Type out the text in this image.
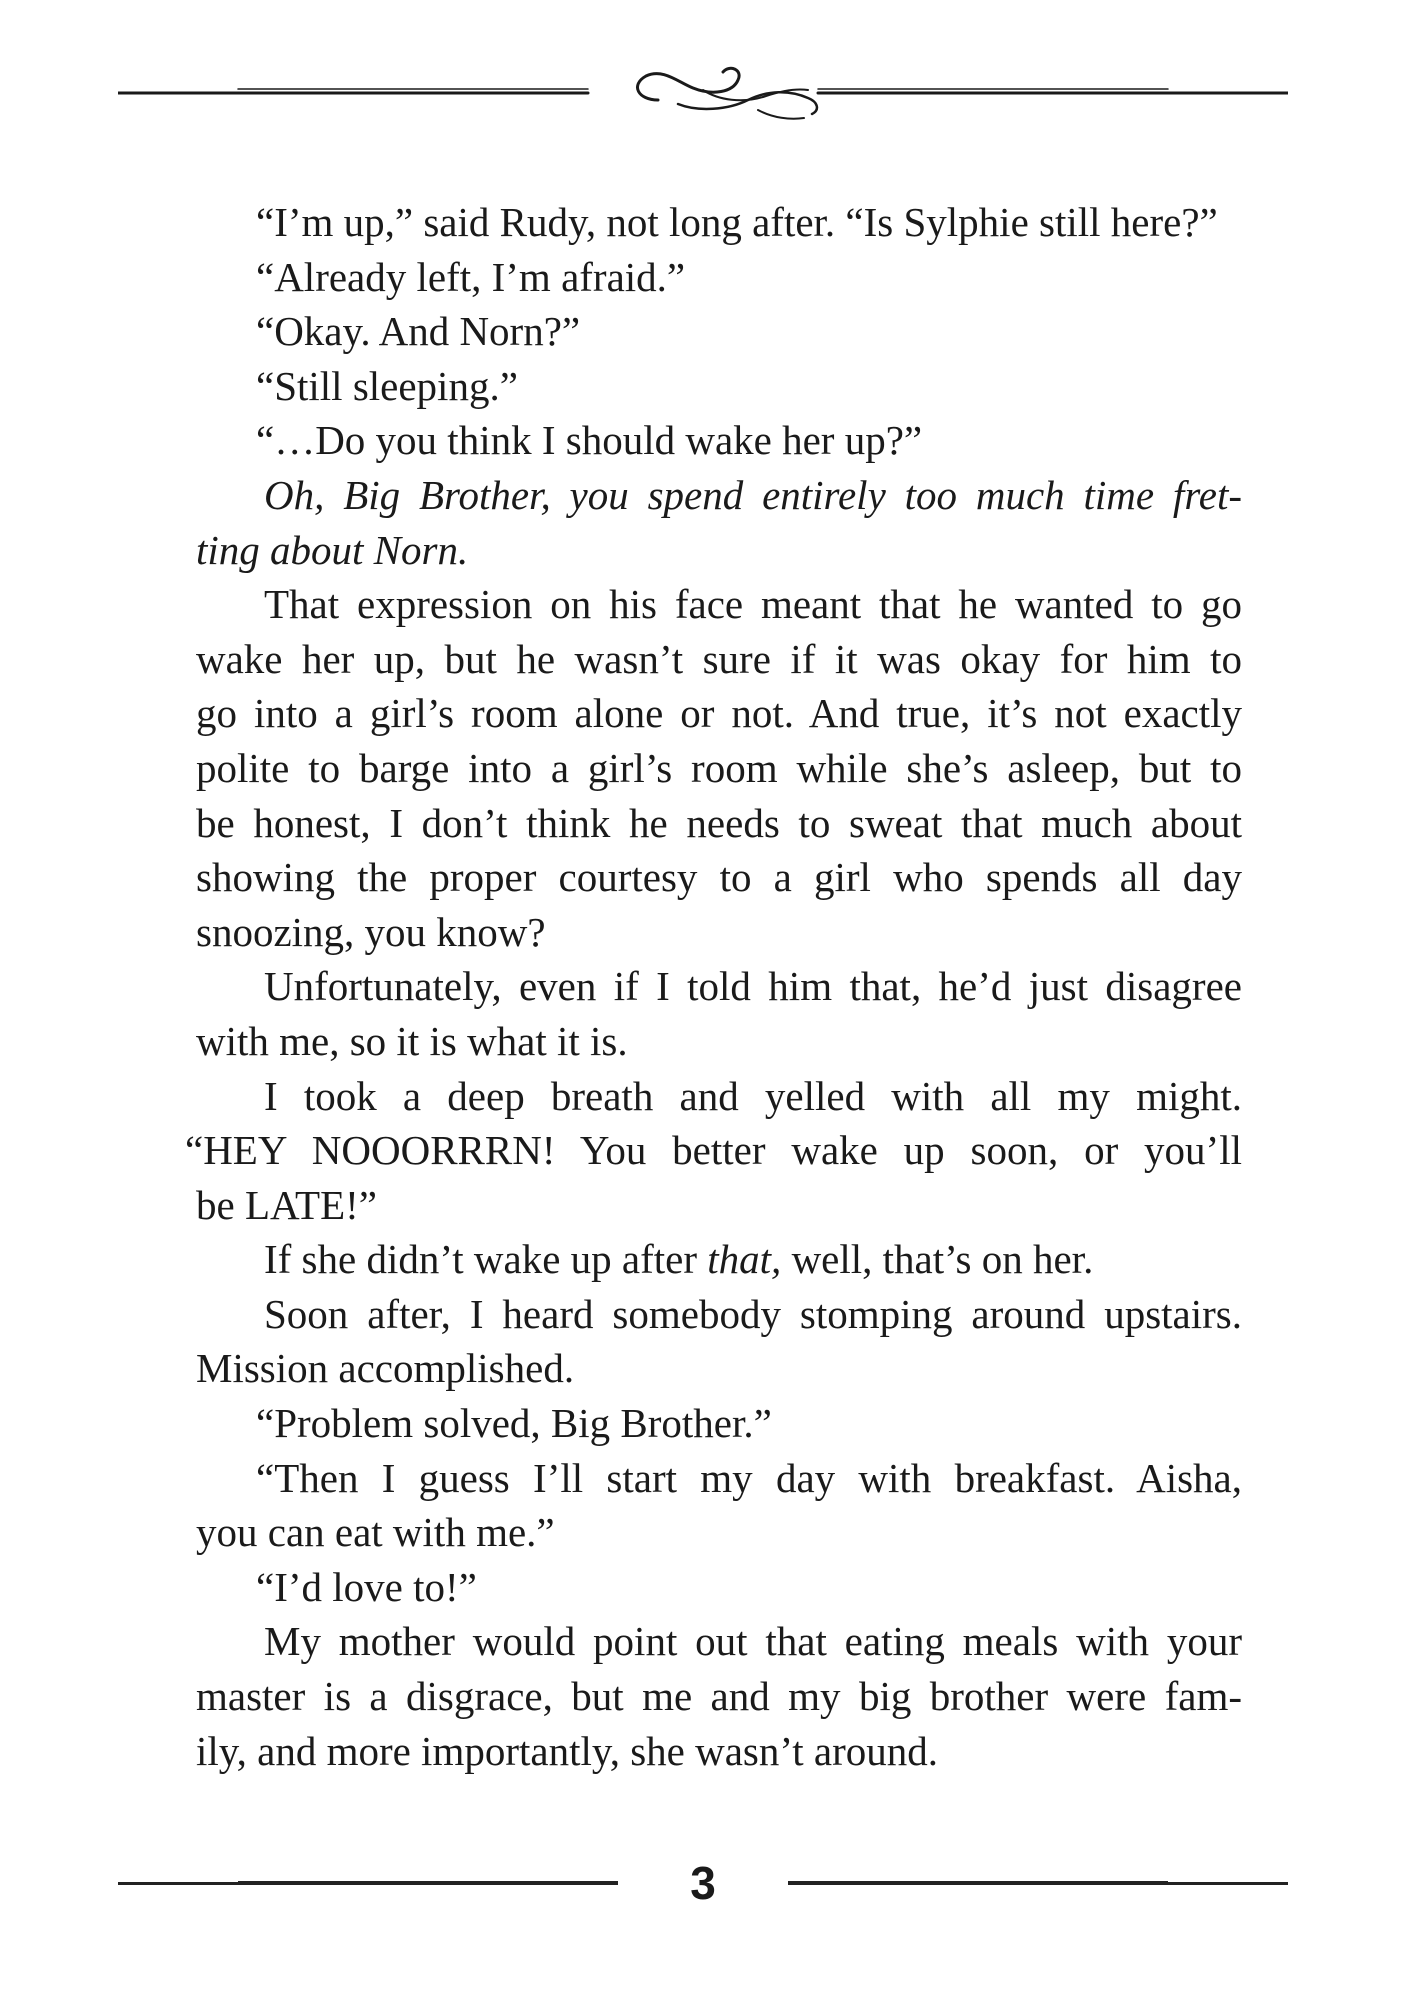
“I’m up,” said Rudy, not long after. “Is Sylphie still here?”
“Already left, I’m afraid.”
“Okay. And Norn?”
“Still sleeping.”
“…Do you think I should wake her up?”
Oh, Big Brother, you spend entirely too much time fret-
ting about Norn.
That expression on his face meant that he wanted to go
wake her up, but he wasn’t sure if it was okay for him to
go into a girl’s room alone or not. And true, it’s not exactly
polite to barge into a girl’s room while she’s asleep, but to
be honest, I don’t think he needs to sweat that much about
showing the proper courtesy to a girl who spends all day
snoozing, you know?
Unfortunately, even if I told him that, he’d just disagree
with me, so it is what it is.
I took a deep breath and yelled with all my might.
“HEY NOOORRRN! You better wake up soon, or you’ll
be LATE!”
If she didn’t wake up after that, well, that’s on her.
Soon after, I heard somebody stomping around upstairs.
Mission accomplished.
“Problem solved, Big Brother.”
“Then I guess I’ll start my day with breakfast. Aisha,
you can eat with me.”
“I’d love to!”
My mother would point out that eating meals with your
master is a disgrace, but me and my big brother were fam-
ily, and more importantly, she wasn’t around.
3
